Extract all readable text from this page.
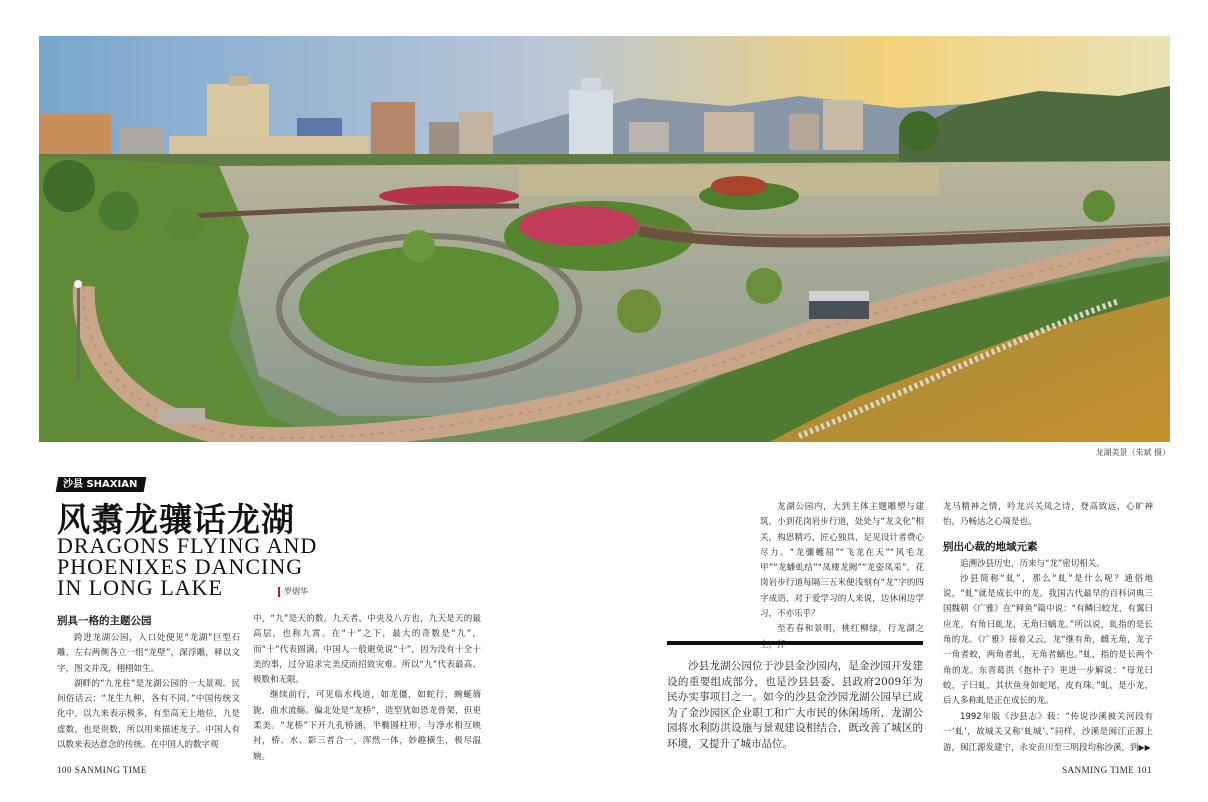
龙湖美景（朱斌 摄）
沙县 SHAXIAN
风翥龙骧话龙湖
DRAGONS FLYING AND
PHOENIXES DANCING
IN LONG LAKE	罗熠华
别具一格的主题公园

跨进龙湖公园，入口处便见“龙湖”巨型石雕，左右两侧各立一组“龙壁”，深浮雕，释以文字，图文并茂，栩栩如生。

湖畔的“九龙柱”是龙湖公园的一大景观。民间俗话云：“龙生九种，各有不同。”中国传统文化中，以九来表示极多，有至高无上地位，九是虚数，也是贵数，所以用来描述龙子。中国人有以数来表达意念的传统。在中国人的数字观

中，“九”是天的数。九天者，中央及八方也，九天是天的最高层，也称九霄。在“十”之下，最大的奇数是“九”，而“十”代表圆满，中国人一般避免说“十”，因为没有十全十美的事，过分追求完美反而招致灾难。所以“九”代表最高、极数和无限。

继续前行，可见临水栈道，如龙僵，如蛇行，蜿蜒旖旎，曲水流觞。偏北处是“龙桥”，造型犹如恐龙骨架，但更柔美。“龙桥”下开九孔桥涵，半椭圆柱形，与净水相互映衬，桥、水、影三者合一，浑然一体，妙趣横生，极尽温婉。

龙湖公园内，大到主体主题雕塑与建筑，小到花岗岩步行道，处处与“龙文化”相关，构思精巧，匠心独具，足见设计者费心尽力。“龙骧蠖屈”“飞龙在天”“风毛龙甲”“龙蟠虬结”“凤楼龙阙”“龙姿凤采”，花岗岩步行道每隔三五米便浅刻有“龙”字的四字成语，对于爱学习的人来说，边休闲边学习，不亦乐乎？

至若春和景明，桃红柳绿，行龙湖之

沙县龙湖公园位于沙县金沙园内，是金沙园开发建设的重要组成部分，也是沙县县委、县政府2009年为民办实事项目之一。如今的沙县金沙园龙湖公园早已成为了金沙园区企业职工和广大市民的休闲场所，龙湖公园将水利防洪设施与景观建设相结合，既改善了城区的环境，又提升了城市品位。

龙马精神之情，吟龙兴关凤之诗，登高致远，心旷神怡，乃畅达之心境是也。

别出心裁的地域元素

追溯沙县历史，历来与“龙”密切相关。

沙县简称“虬”，那么“虬”是什么呢？通俗地说，“虬”就是成长中的龙。我国古代最早的百科词典三国魏朝《广雅》在“释鱼”篇中说：“有鳞曰蛟龙，有翼曰应龙，有角曰虬龙，无角曰螭龙。”所以说，虬指的是长角的龙。《广雅》接着又云，龙“继有角，雌无角，龙子一角者蛟，两角者虬，无角者螭也。”虬，指的是长两个角的龙。东晋葛洪《抱朴子》更进一步解说：“母龙曰蛟，子曰虬，其状鱼身如蛇尾，皮有珠。”虬，是小龙，后人多称虬是正在成长的龙。

1992年版《沙县志》载：“传说沙溪被关河段有一‘虬’，故城关又称‘虬城’。”同样，沙溪是闽江正源上游，闽江源发建宁，永安贡川至三明段均称沙溪，到▶▶

100 SANMING TIME	SANMING TIME 101
